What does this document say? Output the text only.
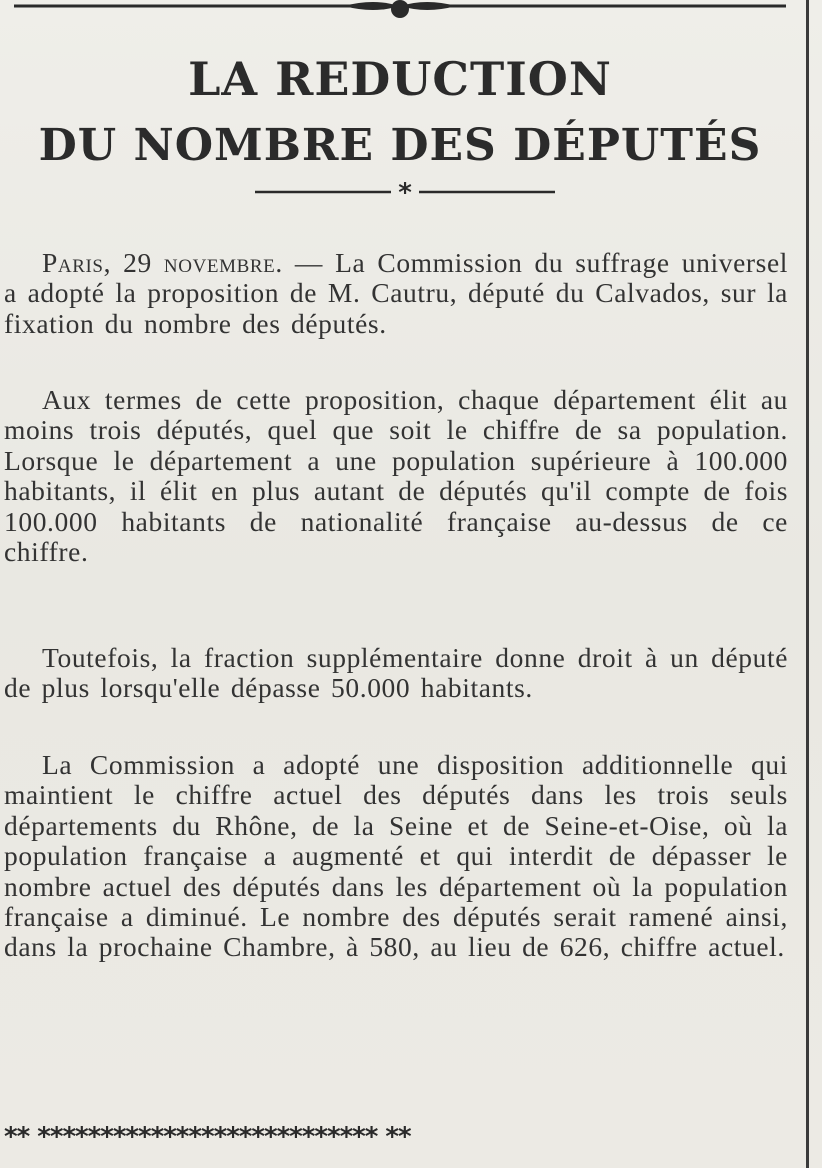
LA REDUCTION
DU NOMBRE DES DÉPUTÉS
*

Paris, 29 novembre. — La Commission du suffrage universel a adopté la proposition de M. Cautru, député du Calvados, sur la fixation du nombre des députés.

Aux termes de cette proposition, chaque département élit au moins trois députés, quel que soit le chiffre de sa population. Lorsque le département a une population supérieure à 100.000 habitants, il élit en plus autant de députés qu'il compte de fois 100.000 habitants de nationalité française au-dessus de ce chiffre.

Toutefois, la fraction supplémentaire donne droit à un député de plus lorsqu'elle dépasse 50.000 habitants.

La Commission a adopté une disposition additionnelle qui maintient le chiffre actuel des députés dans les trois seuls départements du Rhône, de la Seine et de Seine-et-Oise, où la population française a augmenté et qui interdit de dépasser le nombre actuel des députés dans les département où la population française a diminué. Le nombre des députés serait ramené ainsi, dans la prochaine Chambre, à 580, au lieu de 626, chiffre actuel.

** *************************** **
